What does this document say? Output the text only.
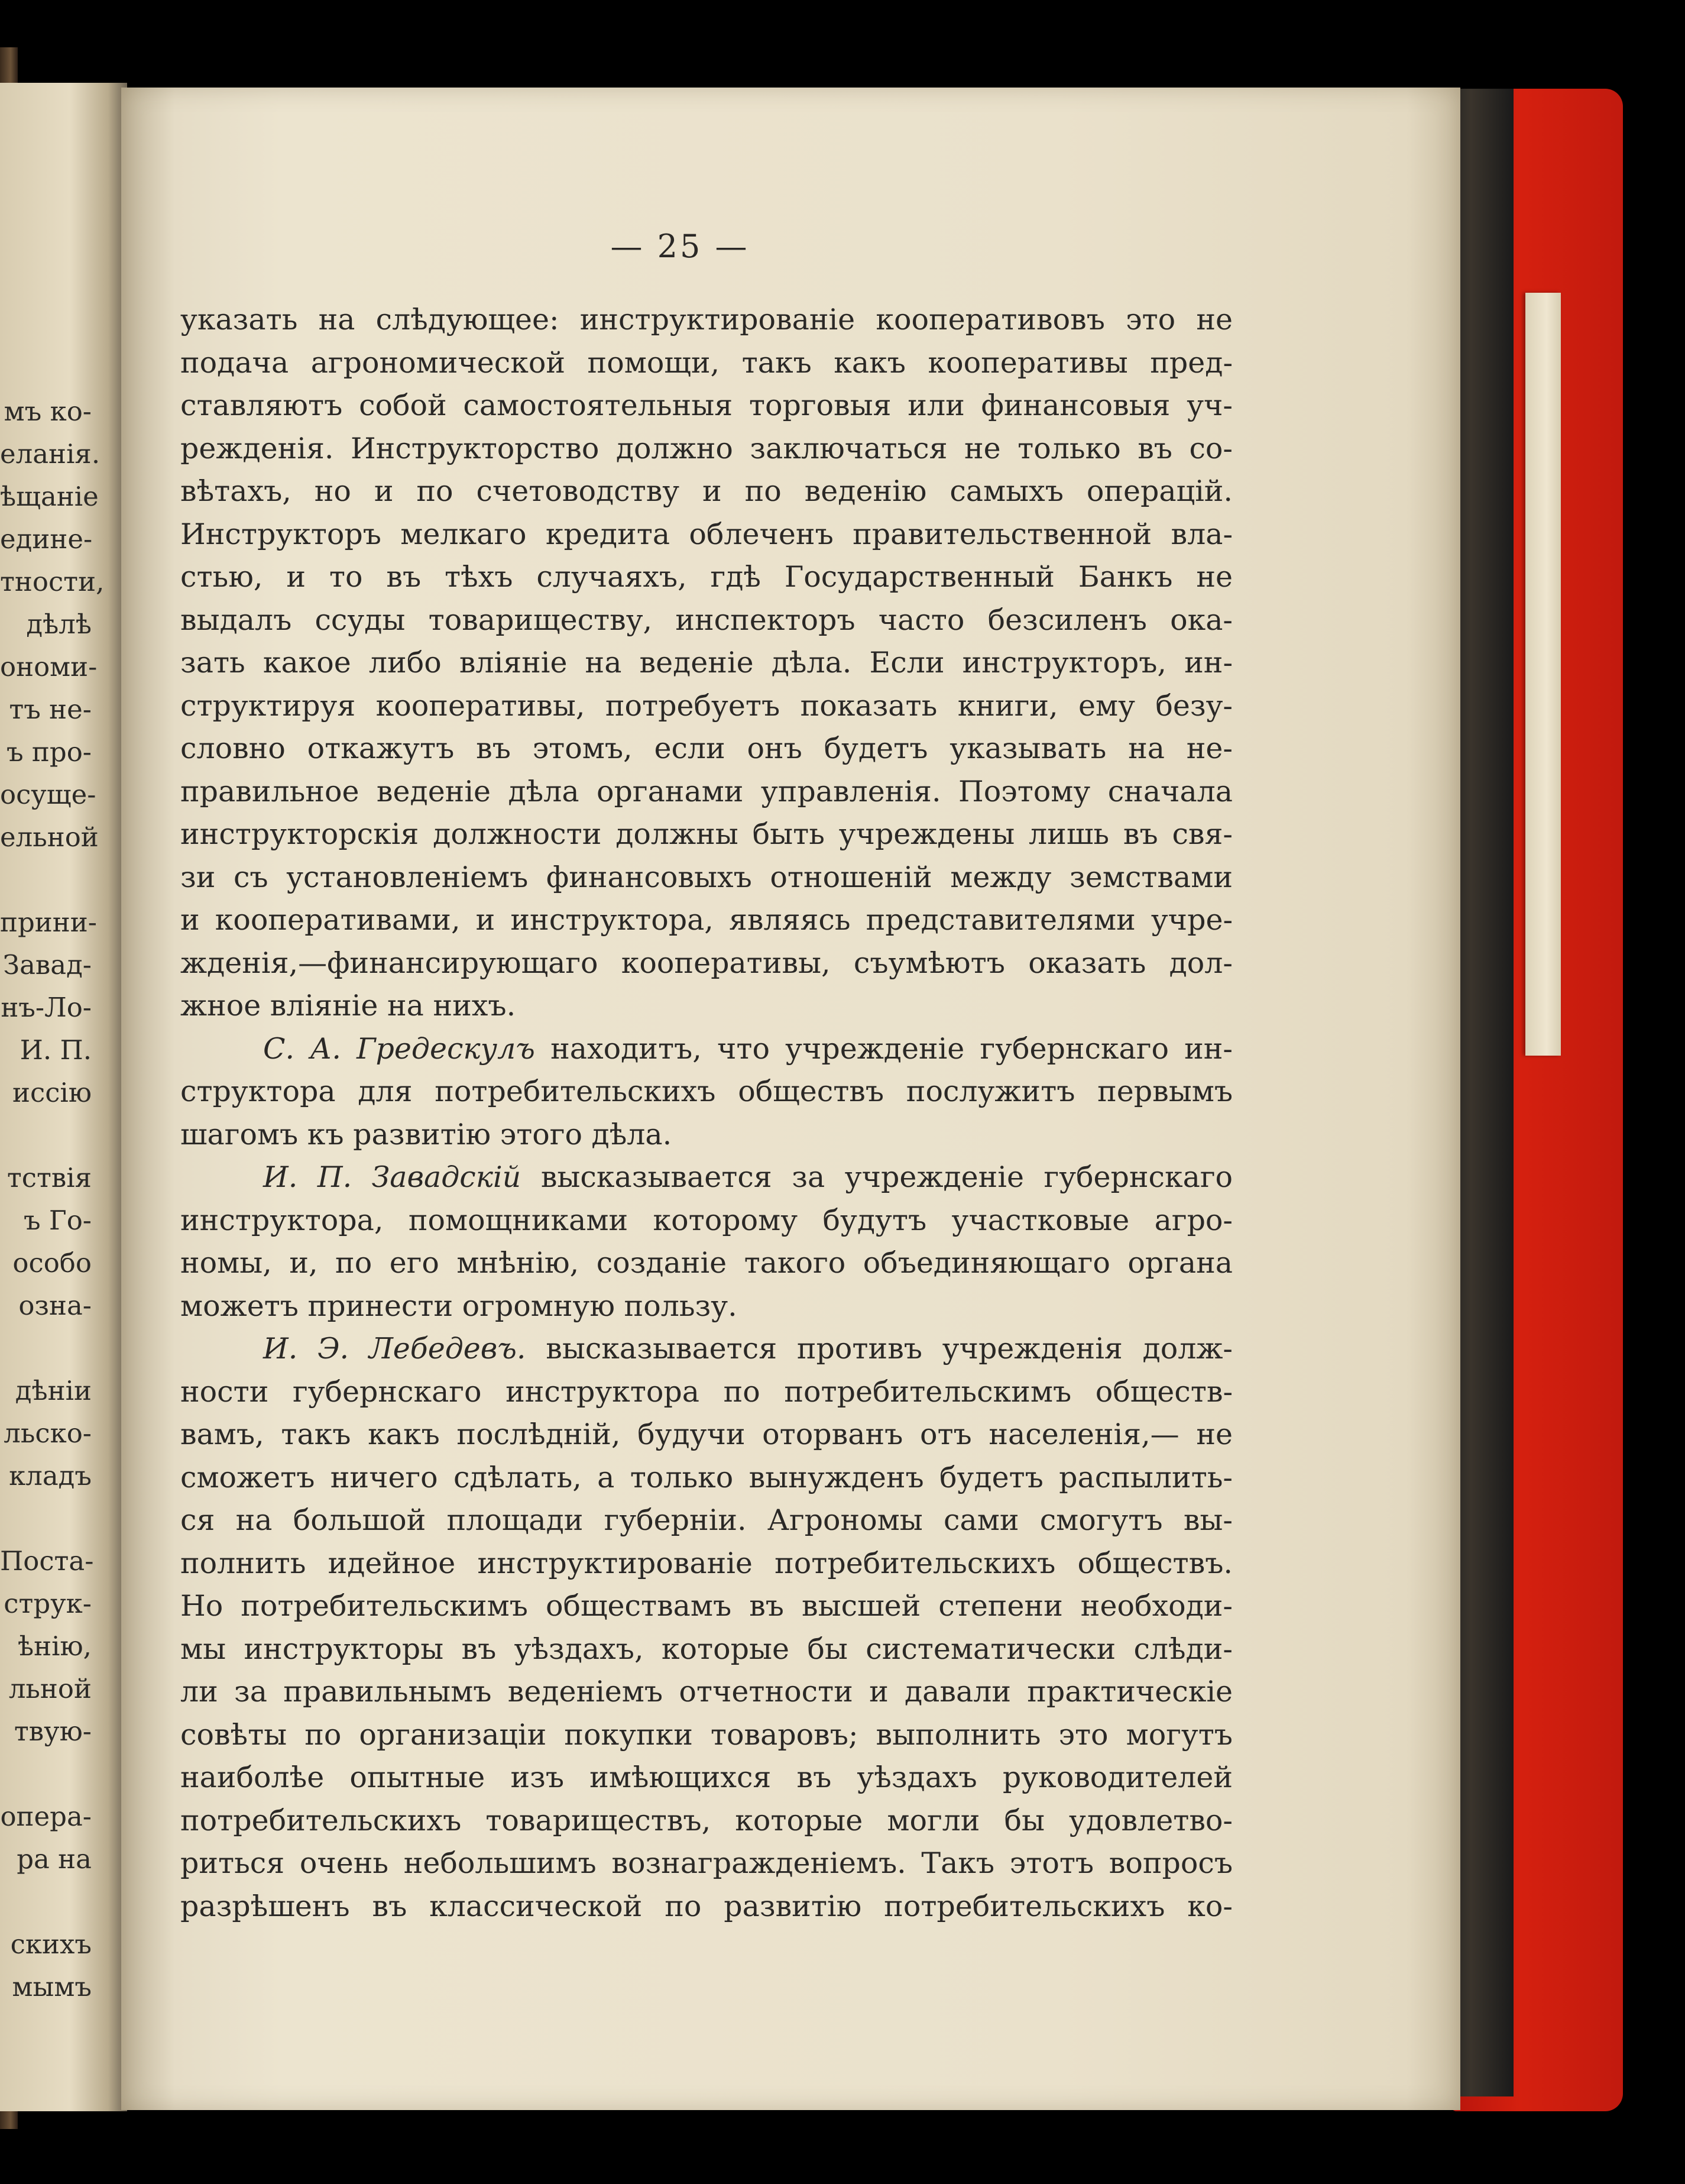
мъ ко-
еланія.
ѣщаніе
едине-
тности,
дѣлѣ
ономи-
тъ не-
ъ про-
осуще-
ельной
прини-
Завад-
нъ-Ло-
И. П.
иссію
тствія
ъ Го-
особо
озна-
дѣніи
льско-
кладъ
Поста-
струк-
ѣнію,
льной
твую-
опера-
ра на
скихъ
мымъ
— 25 —
указать на слѣдующее: инструктированіе кооперативовъ это не
подача агрономической помощи, такъ какъ кооперативы пред-
ставляютъ собой самостоятельныя торговыя или финансовыя уч-
режденія. Инструкторство должно заключаться не только въ со-
вѣтахъ, но и по счетоводству и по веденію самыхъ операцій.
Инструкторъ мелкаго кредита облеченъ правительственной вла-
стью, и то въ тѣхъ случаяхъ, гдѣ Государственный Банкъ не
выдалъ ссуды товариществу, инспекторъ часто безсиленъ ока-
зать какое либо вліяніе на веденіе дѣла. Если инструкторъ, ин-
структируя кооперативы, потребуетъ показать книги, ему безу-
словно откажутъ въ этомъ, если онъ будетъ указывать на не-
правильное веденіе дѣла органами управленія. Поэтому сначала
инструкторскія должности должны быть учреждены лишь въ свя-
зи съ установленіемъ финансовыхъ отношеній между земствами
и кооперативами, и инструктора, являясь представителями учре-
жденія,—финансирующаго кооперативы, съумѣютъ оказать дол-
жное вліяніе на нихъ.
С. А. Гредескулъ находитъ, что учрежденіе губернскаго ин-
структора для потребительскихъ обществъ послужитъ первымъ
шагомъ къ развитію этого дѣла.
И. П. Завадскій высказывается за учрежденіе губернскаго
инструктора, помощниками которому будутъ участковые агро-
номы, и, по его мнѣнію, созданіе такого объединяющаго органа
можетъ принести огромную пользу.
И. Э. Лебедевъ. высказывается противъ учрежденія долж-
ности губернскаго инструктора по потребительскимъ обществ-
вамъ, такъ какъ послѣдній, будучи оторванъ отъ населенія,— не
сможетъ ничего сдѣлать, а только вынужденъ будетъ распылить-
ся на большой площади губерніи. Агрономы сами смогутъ вы-
полнить идейное инструктированіе потребительскихъ обществъ.
Но потребительскимъ обществамъ въ высшей степени необходи-
мы инструкторы въ уѣздахъ, которые бы систематически слѣди-
ли за правильнымъ веденіемъ отчетности и давали практическіе
совѣты по организаціи покупки товаровъ; выполнить это могутъ
наиболѣе опытные изъ имѣющихся въ уѣздахъ руководителей
потребительскихъ товариществъ, которые могли бы удовлетво-
риться очень небольшимъ вознагражденіемъ. Такъ этотъ вопросъ
разрѣшенъ въ классической по развитію потребительскихъ ко-
